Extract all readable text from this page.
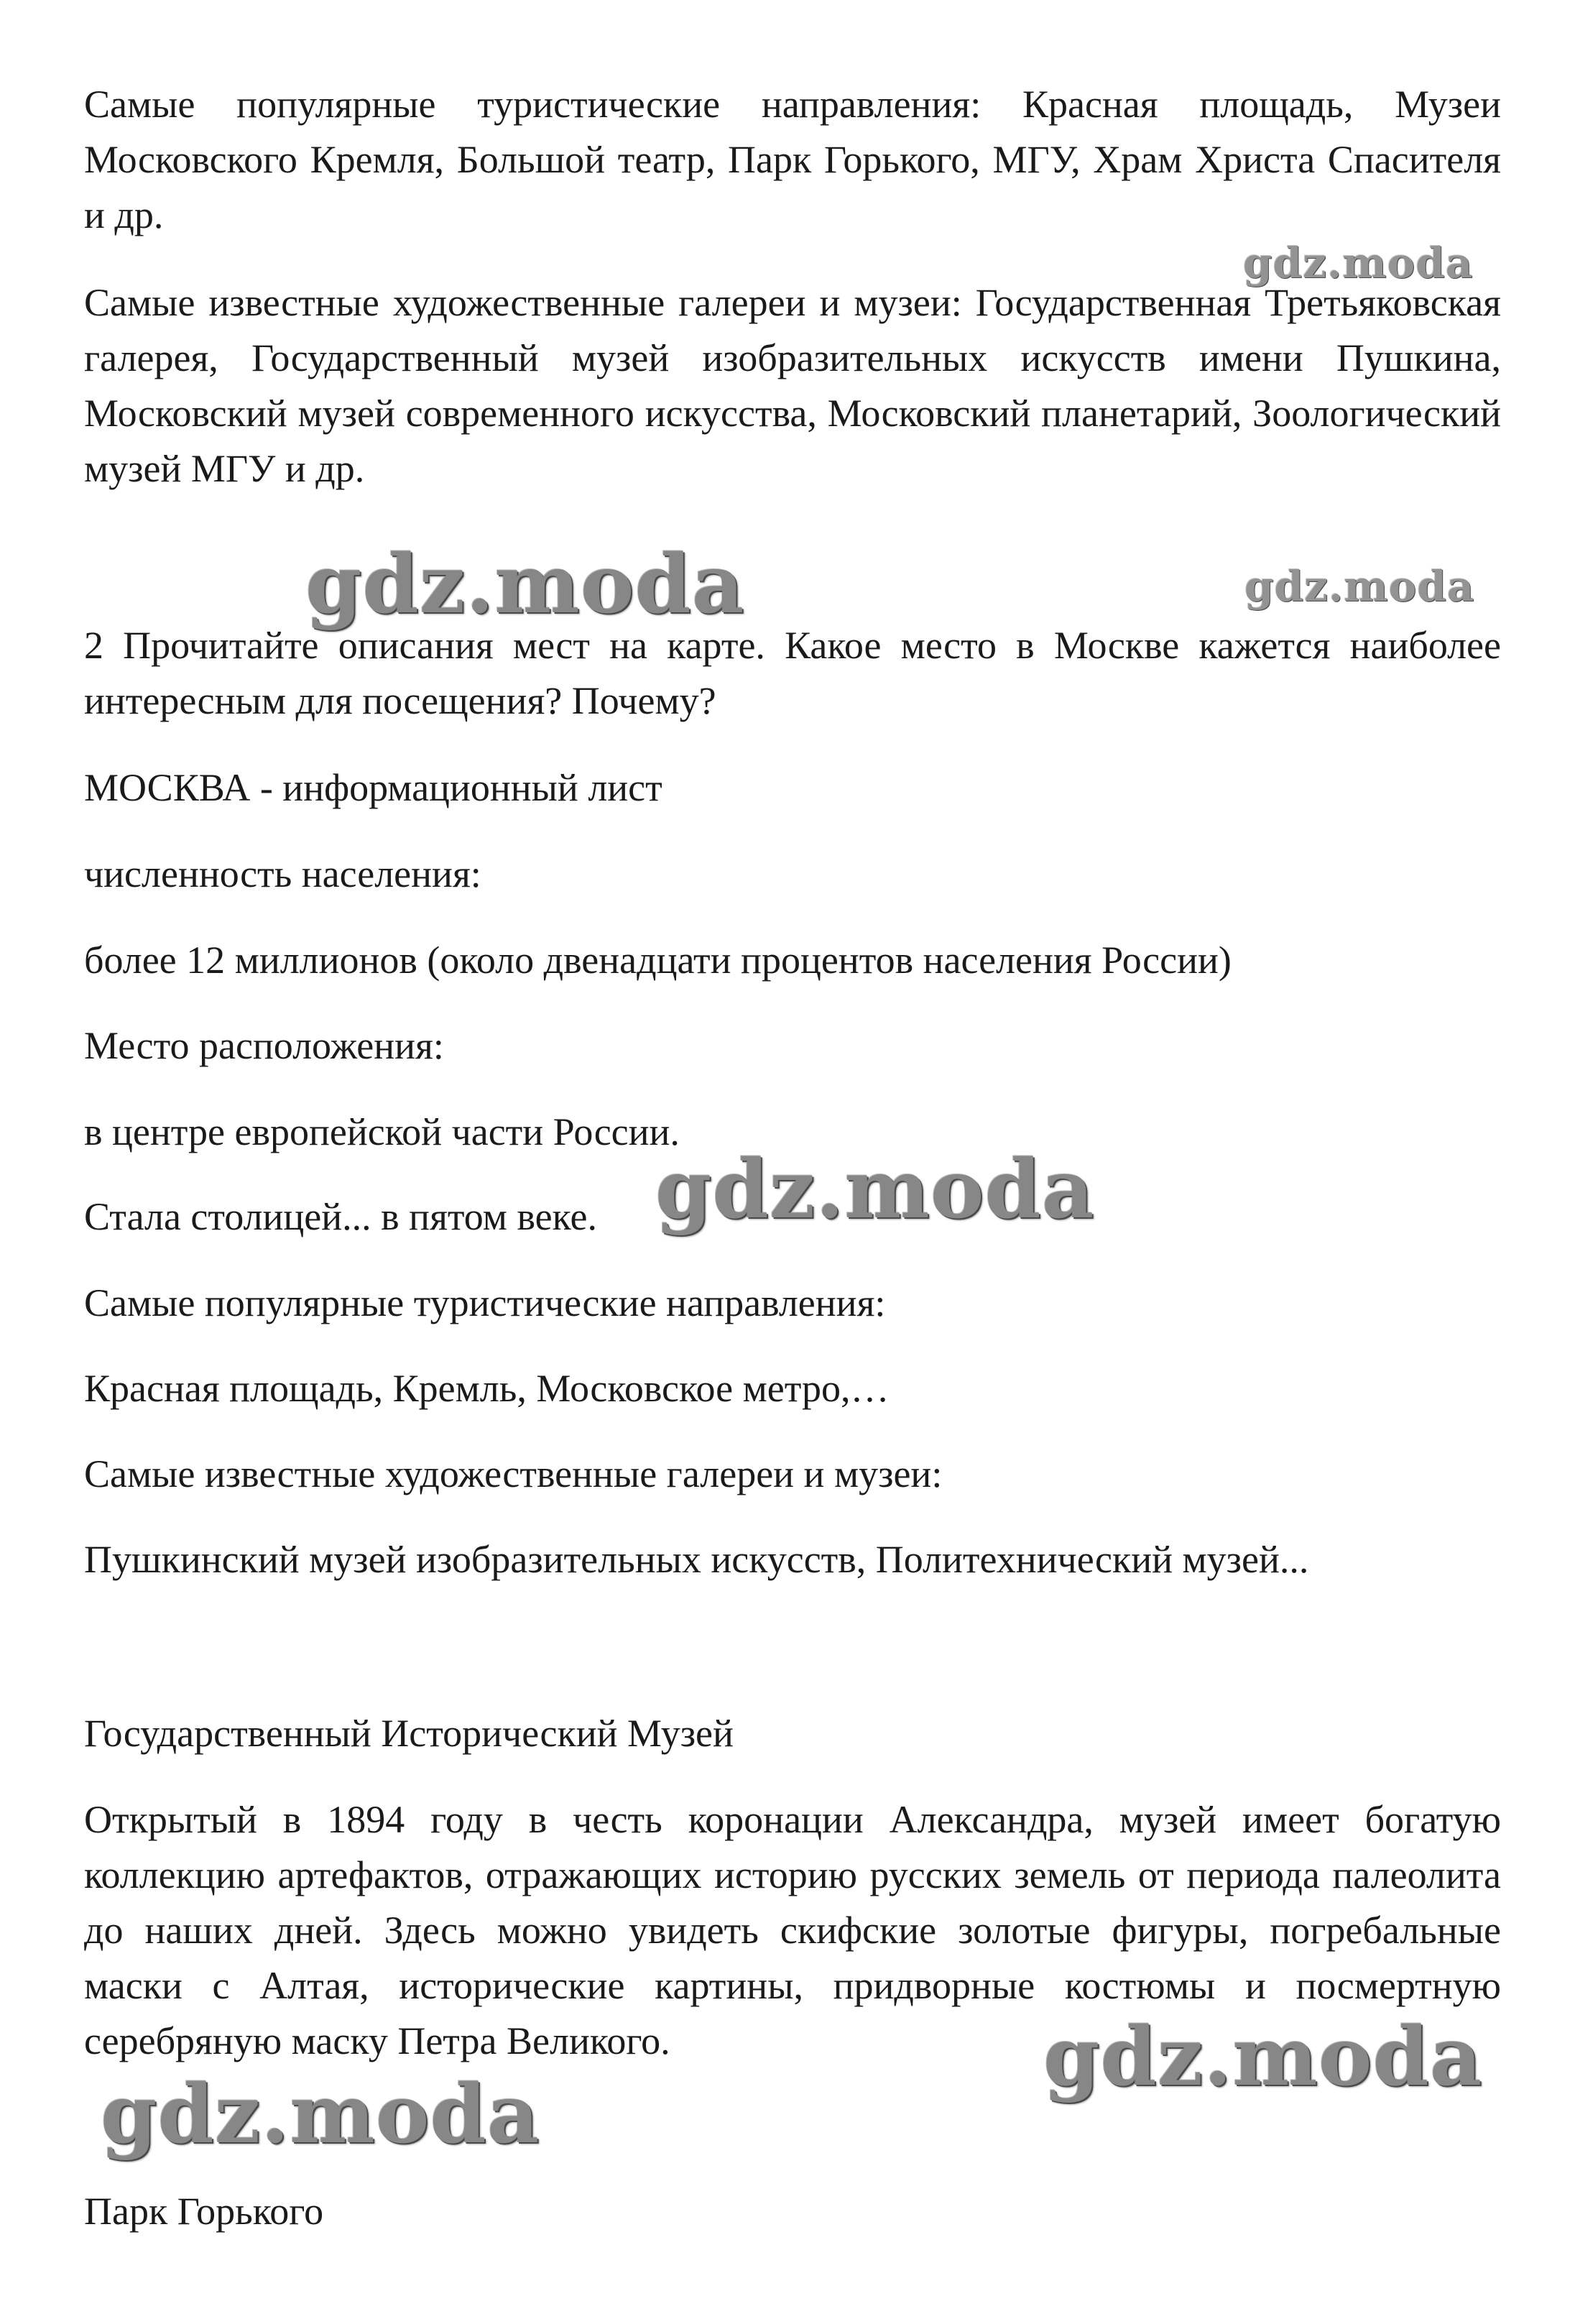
Самые популярные туристические направления: Красная площадь, Музеи Московского Кремля, Большой театр, Парк Горького, МГУ, Храм Христа Спасителя и др.

Самые известные художественные галереи и музеи: Государственная Третьяковская галерея, Государственный музей изобразительных искусств имени Пушкина, Московский музей современного искусства, Московский планетарий, Зоологический музей МГУ и др.

2 Прочитайте описания мест на карте. Какое место в Москве кажется наиболее интересным для посещения? Почему?

МОСКВА - информационный лист

численность населения:

более 12 миллионов (около двенадцати процентов населения России)

Место расположения:

в центре европейской части России.

Стала столицей... в пятом веке.

Самые популярные туристические направления:

Красная площадь, Кремль, Московское метро,…

Самые известные художественные галереи и музеи:

Пушкинский музей изобразительных искусств, Политехнический музей...

Государственный Исторический Музей

Открытый в 1894 году в честь коронации Александра, музей имеет богатую коллекцию артефактов, отражающих историю русских земель от периода палеолита до наших дней. Здесь можно увидеть скифские золотые фигуры, погребальные маски с Алтая, исторические картины, придворные костюмы и посмертную серебряную маску Петра Великого.

Парк Горького

gdz.moda
gdz.moda	gdz.moda
gdz.moda
gdz.moda
gdz.moda
